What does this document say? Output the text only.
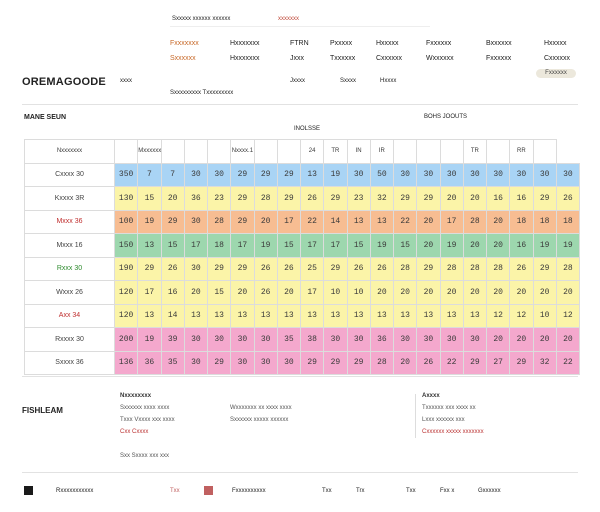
Sxxxxx xxxxxx xxxxxx	xxxxxxx
OREMAGOODE xxxx
Sxxxxxxxxx Txxxxxxxxx
Fxxxxxxx	Hxxxxxxx	FTRN	Pxxxxx	Hxxxxx	Fxxxxxx	Bxxxxxx	Hxxxxx
Sxxxxxx	Hxxxxxxx	Jxxx	Txxxxxx	Cxxxxxx	Wxxxxxx	Fxxxxxx	Cxxxxxx
Jxxxx	Sxxxx	Hxxxx
Fxxxxxx
MANE SEUN
INOLSSE
BOHS JOOUTS
Nxxxxxxx		Mxxxxxx				Nxxxx.1			24	TR	IN	IR				TR		RR		
Cxxxx 30	350	7	7	30	30	29	29	29	13	19	30	50	30	30	30	30	30	30	30	30
Kxxxx 3R	130	15	20	36	23	29	28	29	26	29	23	32	29	29	20	20	16	16	29	26
Mxxx 36	100	19	29	30	28	29	20	17	22	14	13	13	22	20	17	28	20	18	18	18
Mxxx 16	150	13	15	17	18	17	19	15	17	17	15	19	15	20	19	20	20	16	19	19
Rxxx 30	190	29	26	30	29	29	26	26	25	29	26	26	28	29	28	28	28	26	29	28
Wxxx 26	120	17	16	20	15	20	26	20	17	10	10	20	20	20	20	20	20	20	20	20
Axx 34	120	13	14	13	13	13	13	13	13	13	13	13	13	13	13	13	12	12	10	12
Rxxxx 30	200	19	39	30	30	30	30	35	38	30	30	36	30	30	30	30	20	20	20	20
Sxxxx 36	136	36	35	30	29	30	30	30	29	29	29	28	20	26	22	29	27	29	32	22
FISHLEAM
Nxxxxxxxx
Sxxxxxx xxxx xxxx
Txxx Vxxxx xxx xxxx
Cxx Cxxxx
Wxxxxxxx xx xxxx xxxx
Sxxxxxx xxxxx xxxxxx
Axxxx
Txxxxxx xxx xxxx xx
Lxxx xxxxxx xxx
Cxxxxxx xxxxx xxxxxxx
Sxx Sxxxx xxx xxx
Rxxxxxxxxxxx	Txx	Fxxxxxxxxxx	Txx	Trx	Txx	Fxx x	Gxxxxxx
